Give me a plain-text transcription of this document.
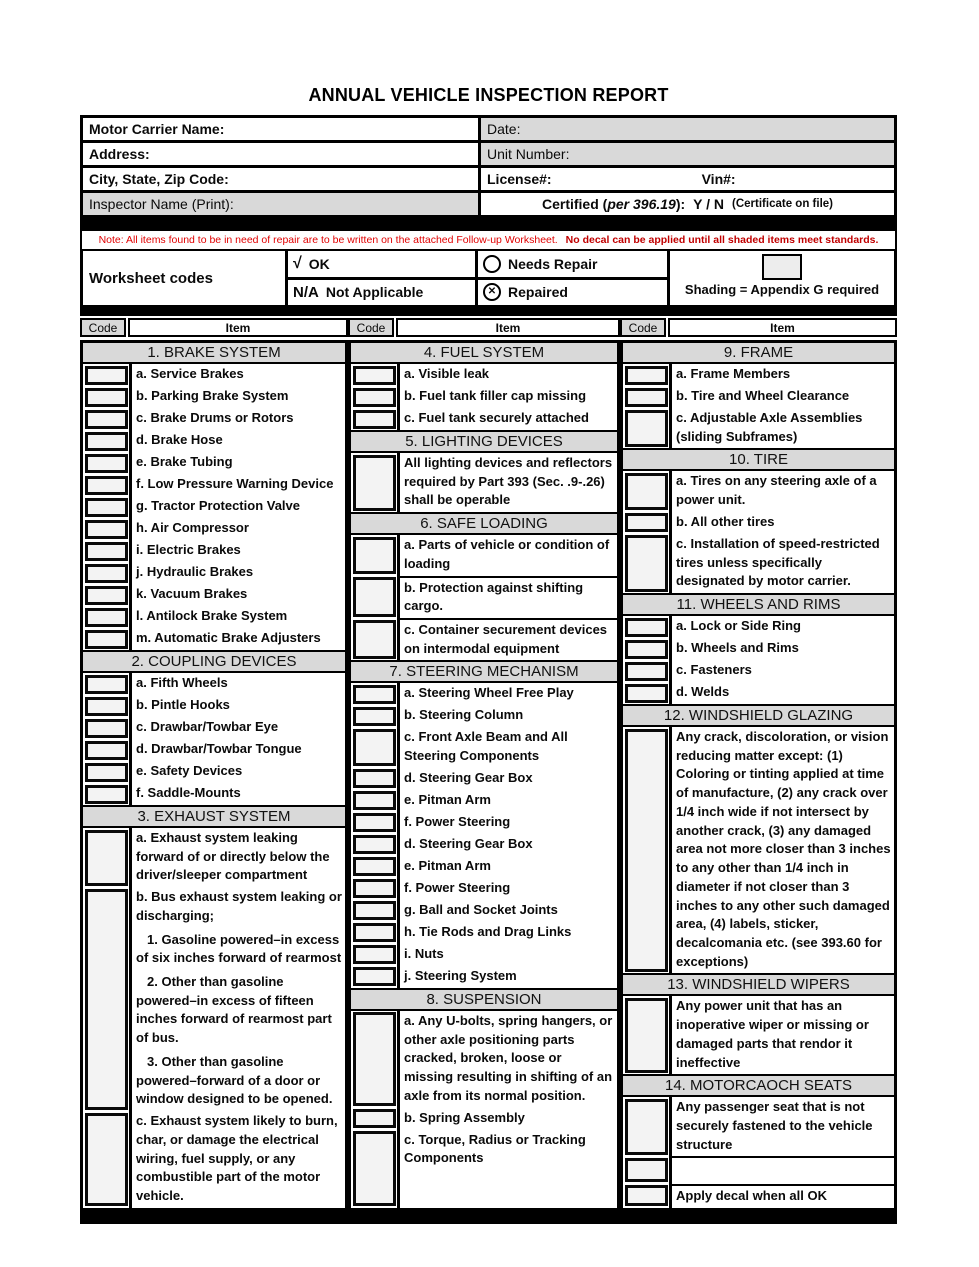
ANNUAL VEHICLE INSPECTION REPORT
Motor Carrier Name:	Date:
Address:	Unit Number:
City, State, Zip Code:	License#:	Vin#:
Inspector Name (Print):	Certified (per 396.19): Y / N (Certificate on file)
Note: All items found to be in need of repair are to be written on the attached Follow-up Worksheet. No decal can be applied until all shaded items meet standards.
Worksheet codes
√ OK
N/A Not Applicable
Needs Repair
✕ Repaired	Shading = Appendix G required
Code	Item	Code	Item	Code	Item
1. BRAKE SYSTEM

a. Service Brakes

b. Parking Brake System

c. Brake Drums or Rotors

d. Brake Hose

e. Brake Tubing

f. Low Pressure Warning Device

g. Tractor Protection Valve

h. Air Compressor

i. Electric Brakes

j. Hydraulic Brakes

k. Vacuum Brakes

l. Antilock Brake System

m. Automatic Brake Adjusters

2. COUPLING DEVICES

a. Fifth Wheels

b. Pintle Hooks

c. Drawbar/Towbar Eye

d. Drawbar/Towbar Tongue

e. Safety Devices

f. Saddle-Mounts

3. EXHAUST SYSTEM

a. Exhaust system leaking forward of or directly below the driver/sleeper compartment

b. Bus exhaust system leaking or discharging;

1. Gasoline powered–in excess of six inches forward of rearmost

2. Other than gasoline powered–in excess of fifteen inches forward of rearmost part of bus.

3. Other than gasoline powered–forward of a door or window designed to be opened.

c. Exhaust system likely to burn, char, or damage the electrical wiring, fuel supply, or any combustible part of the motor vehicle.

4. FUEL SYSTEM

a. Visible leak

b. Fuel tank filler cap missing

c. Fuel tank securely attached

5. LIGHTING DEVICES

All lighting devices and reflectors required by Part 393 (Sec. .9-.26) shall be operable

6. SAFE LOADING

a. Parts of vehicle or condition of loading

b. Protection against shifting cargo.

c. Container securement devices on intermodal equipment

7. STEERING MECHANISM

a. Steering Wheel Free Play

b. Steering Column

c. Front Axle Beam and All Steering Components

d. Steering Gear Box

e. Pitman Arm

f. Power Steering

d. Steering Gear Box

e. Pitman Arm

f. Power Steering

g. Ball and Socket Joints

h. Tie Rods and Drag Links

i. Nuts

j. Steering System

8. SUSPENSION

a. Any U-bolts, spring hangers, or other axle positioning parts cracked, broken, loose or missing resulting in shifting of an axle from its normal position.

b. Spring Assembly

c. Torque, Radius or Tracking Components

9. FRAME

a. Frame Members

b. Tire and Wheel Clearance

c. Adjustable Axle Assemblies (sliding Subframes)

10. TIRE

a. Tires on any steering axle of a power unit.

b. All other tires

c. Installation of speed-restricted tires unless specifically designated by motor carrier.

11. WHEELS AND RIMS

a. Lock or Side Ring

b. Wheels and Rims

c. Fasteners

d. Welds

12. WINDSHIELD GLAZING

Any crack, discoloration, or vision reducing matter except: (1) Coloring or tinting applied at time of manufacture, (2) any crack over 1/4 inch wide if not intersect by another crack, (3) any damaged area not more closer than 3 inches to any other than 1/4 inch in diameter if not closer than 3 inches to any other such damaged area, (4) labels, sticker, decalcomania etc. (see 393.60 for exceptions)

13. WINDSHIELD WIPERS

Any power unit that has an inoperative wiper or missing or damaged parts that rendor it ineffective

14. MOTORCAOCH SEATS

Any passenger seat that is not securely fastened to the vehicle structure

Apply decal when all OK
